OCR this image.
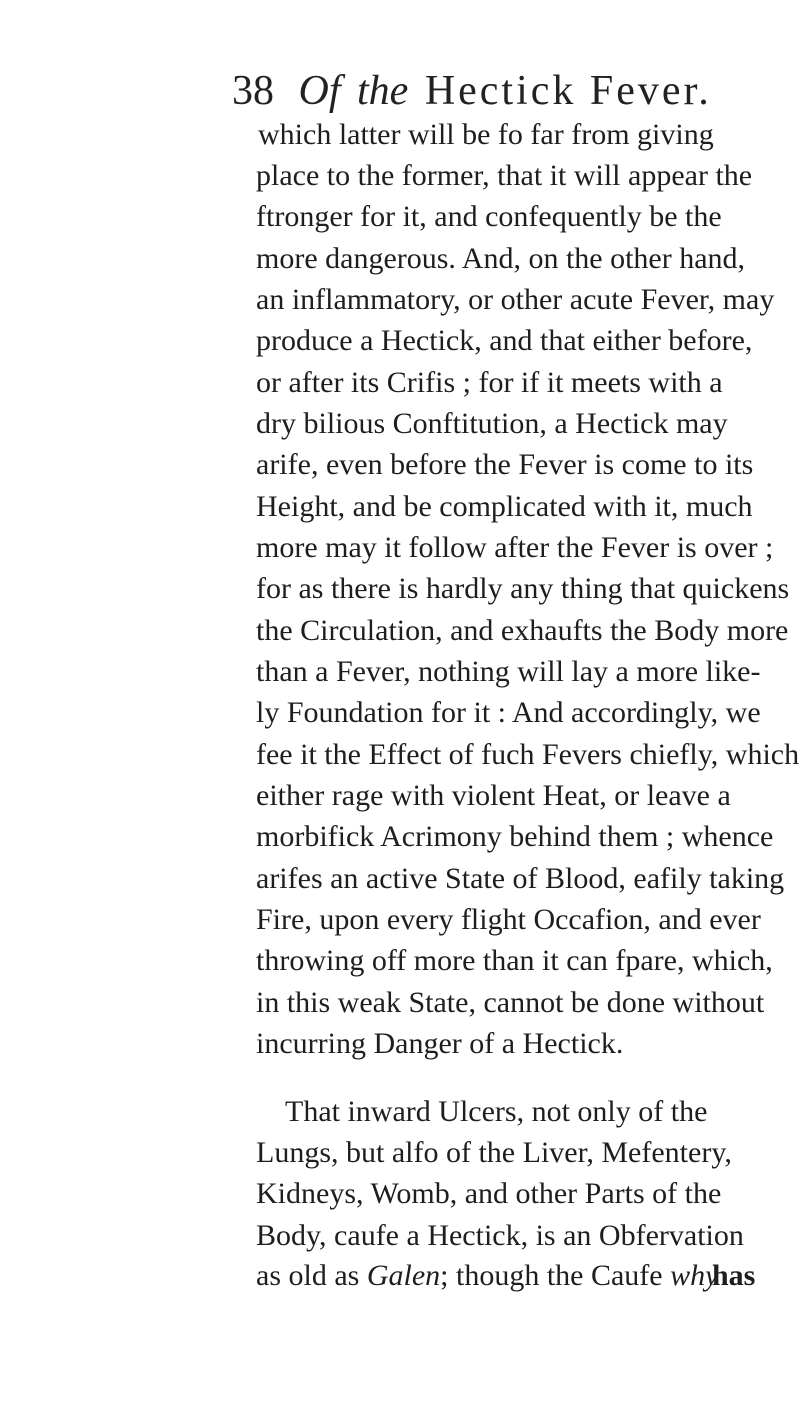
38 Of the Hectick Fever.
which latter will be fo far from giving
place to the former, that it will appear the
ftronger for it, and confequently be the
more dangerous. And, on the other hand,
an inflammatory, or other acute Fever, may
produce a Hectick, and that either before,
or after its Crifis ; for if it meets with a
dry bilious Conftitution, a Hectick may
arife, even before the Fever is come to its
Height, and be complicated with it, much
more may it follow after the Fever is over ;
for as there is hardly any thing that quickens
the Circulation, and exhaufts the Body more
than a Fever, nothing will lay a more like-
ly Foundation for it : And accordingly, we
fee it the Effect of fuch Fevers chiefly, which
either rage with violent Heat, or leave a
morbifick Acrimony behind them ; whence
arifes an active State of Blood, eafily taking
Fire, upon every flight Occafion, and ever
throwing off more than it can fpare, which,
in this weak State, cannot be done without
incurring Danger of a Hectick.
That inward Ulcers, not only of the
Lungs, but alfo of the Liver, Mefentery,
Kidneys, Womb, and other Parts of the
Body, caufe a Hectick, is an Obfervation
as old as Galen; though the Caufe why
has
